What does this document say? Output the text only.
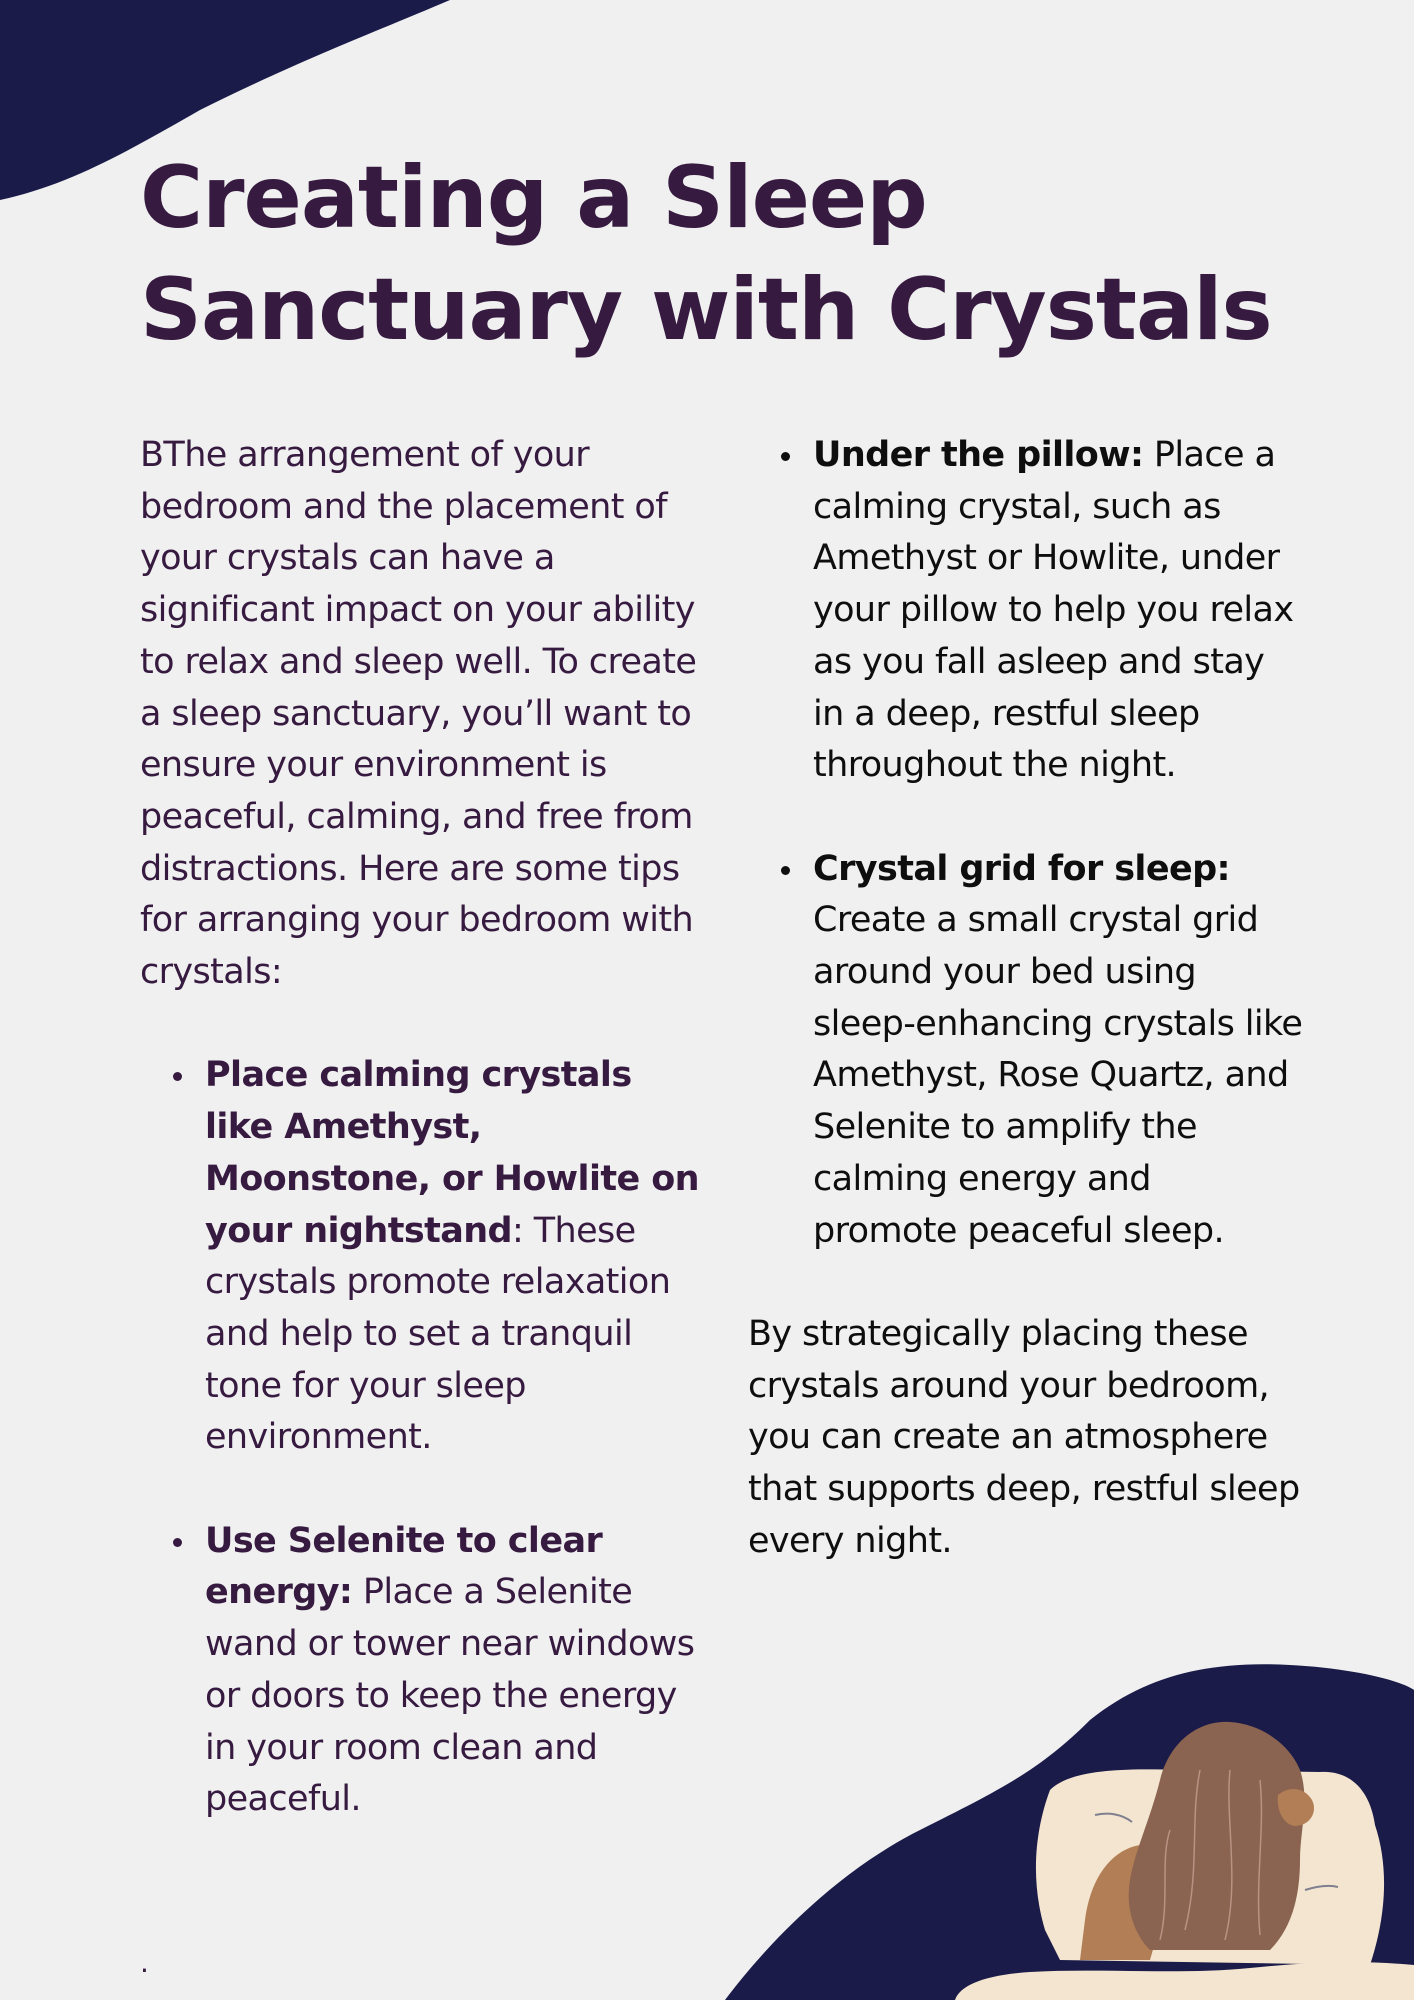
Creating a Sleep
Sanctuary with Crystals

BThe arrangement of your bedroom and the placement of your crystals can have a significant impact on your ability to relax and sleep well. To create a sleep sanctuary, you’ll want to ensure your environment is peaceful, calming, and free from distractions. Here are some tips for arranging your bedroom with crystals:

Place calming crystals like Amethyst, Moonstone, or Howlite on your nightstand: These crystals promote relaxation and help to set a tranquil tone for your sleep environment.
Use Selenite to clear energy: Place a Selenite wand or tower near windows or doors to keep the energy in your room clean and peaceful.
Under the pillow: Place a calming crystal, such as Amethyst or Howlite, under your pillow to help you relax as you fall asleep and stay in a deep, restful sleep throughout the night.
Crystal grid for sleep: Create a small crystal grid around your bed using sleep-enhancing crystals like Amethyst, Rose Quartz, and Selenite to amplify the calming energy and promote peaceful sleep.

By strategically placing these crystals around your bedroom, you can create an atmosphere that supports deep, restful sleep every night.

.
